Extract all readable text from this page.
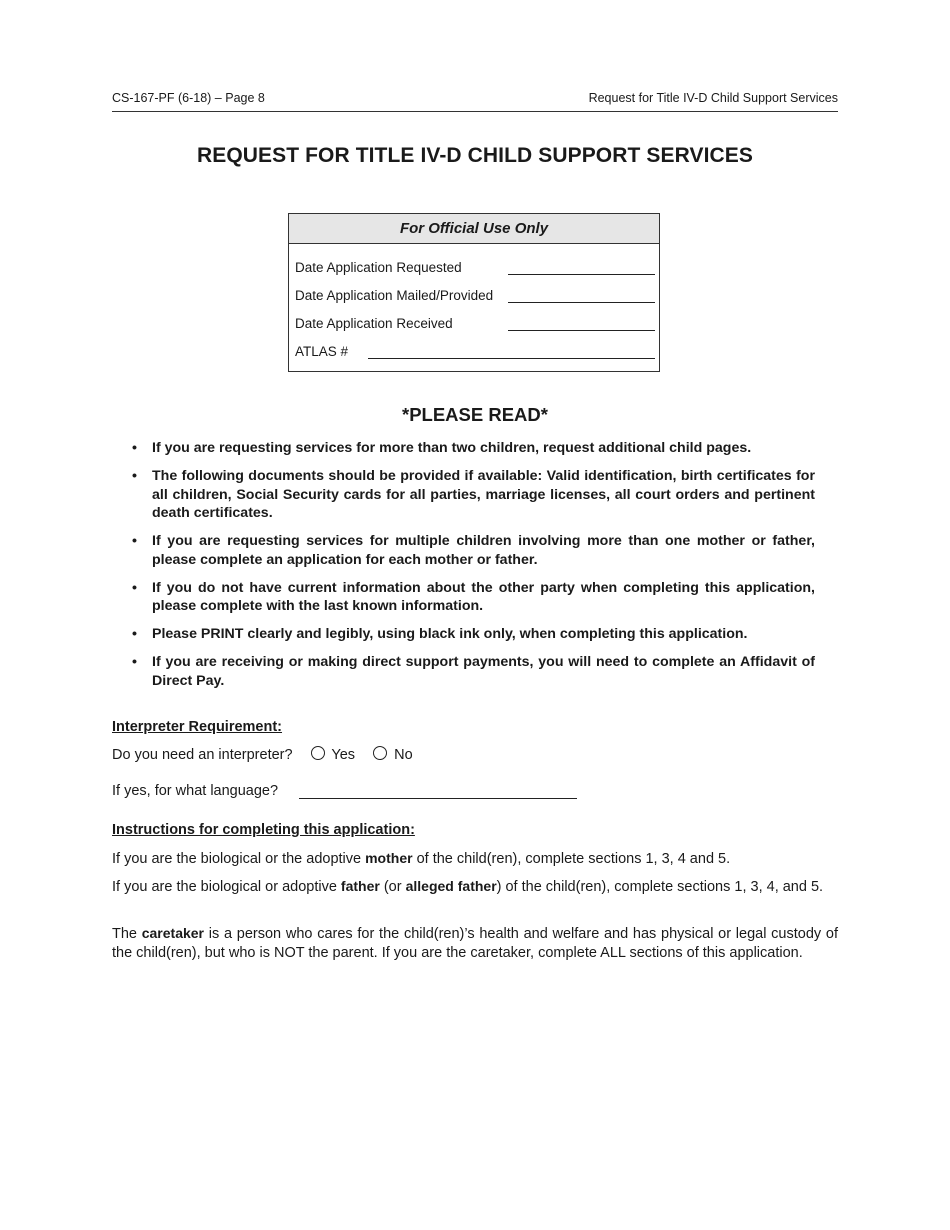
CS-167-PF (6-18) – Page 8	Request for Title IV-D Child Support Services
REQUEST FOR TITLE IV-D CHILD SUPPORT SERVICES
For Official Use Only
Date Application Requested
Date Application Mailed/Provided
Date Application Received
ATLAS #
*PLEASE READ*
• If you are requesting services for more than two children, request additional child pages.
• The following documents should be provided if available: Valid identification, birth certificates for all children, Social Security cards for all parties, marriage licenses, all court orders and pertinent death certificates.
• If you are requesting services for multiple children involving more than one mother or father, please complete an application for each mother or father.
• If you do not have current information about the other party when completing this application, please complete with the last known information.
• Please PRINT clearly and legibly, using black ink only, when completing this application.
• If you are receiving or making direct support payments, you will need to complete an Affidavit of Direct Pay.
Interpreter Requirement:
Do you need an interpreter?	Yes	No
If yes, for what language?
Instructions for completing this application:
If you are the biological or the adoptive mother of the child(ren), complete sections 1, 3, 4 and 5.
If you are the biological or adoptive father (or alleged father) of the child(ren), complete sections 1, 3, 4, and 5.
The caretaker is a person who cares for the child(ren)’s health and welfare and has physical or legal custody of the child(ren), but who is NOT the parent. If you are the caretaker, complete ALL sections of this application.
